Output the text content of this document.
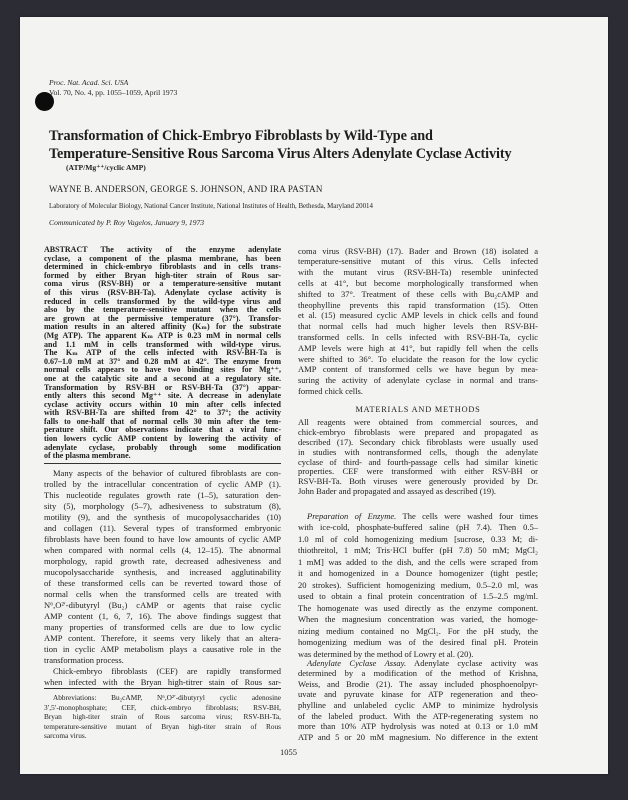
Proc. Nat. Acad. Sci. USA
Vol. 70, No. 4, pp. 1055–1059, April 1973
Transformation of Chick-Embryo Fibroblasts by Wild-Type and
Temperature-Sensitive Rous Sarcoma Virus Alters Adenylate Cyclase Activity
(ATP/Mg⁺⁺/cyclic AMP)
WAYNE B. ANDERSON, GEORGE S. JOHNSON, AND IRA PASTAN
Laboratory of Molecular Biology, National Cancer Institute, National Institutes of Health, Bethesda, Maryland 20014
Communicated by P. Roy Vagelos, January 9, 1973
ABSTRACT The activity of the enzyme adenylate
cyclase, a component of the plasma membrane, has been
determined in chick-embryo fibroblasts and in cells trans-
formed by either Bryan high-titer strain of Rous sar-
coma virus (RSV-BH) or a temperature-sensitive mutant
of this virus (RSV-BH-Ta). Adenylate cyclase activity is
reduced in cells transformed by the wild-type virus and
also by the temperature-sensitive mutant when the cells
are grown at the permissive temperature (37°). Transfor-
mation results in an altered affinity (Kₘ) for the substrate
(Mg ATP). The apparent Kₘ ATP is 0.23 mM in normal cells
and 1.1 mM in cells transformed with wild-type virus.
The Kₘ ATP of the cells infected with RSV-BH-Ta is
0.67–1.0 mM at 37° and 0.28 mM at 42°. The enzyme from
normal cells appears to have two binding sites for Mg⁺⁺,
one at the catalytic site and a second at a regulatory site.
Transformation by RSV-BH or RSV-BH-Ta (37°) appar-
ently alters this second Mg⁺⁺ site. A decrease in adenylate
cyclase activity occurs within 10 min after cells infected
with RSV-BH-Ta are shifted from 42° to 37°; the activity
falls to one-half that of normal cells 30 min after the tem-
perature shift. Our observations indicate that a viral func-
tion lowers cyclic AMP content by lowering the activity of
adenylate cyclase, probably through some modification
of the plasma membrane.
Many aspects of the behavior of cultured fibroblasts are con-
trolled by the intracellular concentration of cyclic AMP (1).
This nucleotide regulates growth rate (1–5), saturation den-
sity (5), morphology (5–7), adhesiveness to substratum (8),
motility (9), and the synthesis of mucopolysaccharides (10)
and collagen (11). Several types of transformed embryonic
fibroblasts have been found to have low amounts of cyclic AMP
when compared with normal cells (4, 12–15). The abnormal
morphology, rapid growth rate, decreased adhesiveness and
mucopolysaccharide synthesis, and increased agglutinability
of these transformed cells can be reverted toward those of
normal cells when the transformed cells are treated with
N⁶,O²′-dibutyryl (Bu₂) cAMP or agents that raise cyclic
AMP content (1, 6, 7, 16). The above findings suggest that
many properties of transformed cells are due to low cyclic
AMP content. Therefore, it seems very likely that an altera-
tion in cyclic AMP metabolism plays a causative role in the
transformation process.
Chick-embryo fibroblasts (CEF) are rapidly transformed
when infected with the Bryan high-titrer stain of Rous sar-
Abbreviations: Bu₂cAMP, N⁶,O²′-dibutyryl cyclic adenosine
3′,5′-monophosphate; CEF, chick-embryo fibroblasts; RSV-BH,
Bryan high-titer strain of Rous sarcoma virus; RSV-BH-Ta,
temperature-sensitive mutant of Bryan high-titer strain of Rous
sarcoma virus.
1055
coma virus (RSV-BH) (17). Bader and Brown (18) isolated a
temperature-sensitive mutant of this virus. Cells infected
with the mutant virus (RSV-BH-Ta) resemble uninfected
cells at 41°, but become morphologically transformed when
shifted to 37°. Treatment of these cells with Bu₂cAMP and
theophylline prevents this rapid transformation (15). Otten
et al. (15) measured cyclic AMP levels in chick cells and found
that normal cells had much higher levels then RSV-BH-
transformed cells. In cells infected with RSV-BH-Ta, cyclic
AMP levels were high at 41°, but rapidly fell when the cells
were shifted to 36°. To elucidate the reason for the low cyclic
AMP content of transformed cells we have begun by mea-
suring the activity of adenylate cyclase in normal and trans-
formed chick cells.
MATERIALS AND METHODS
All reagents were obtained from commercial sources, and
chick-embryo fibroblasts were prepared and propagated as
described (17). Secondary chick fibroblasts were usually used
in studies with nontransformed cells, though the adenylate
cyclase of third- and fourth-passage cells had similar kinetic
properties. CEF were transformed with either RSV-BH or
RSV-BH-Ta. Both viruses were generously provided by Dr.
John Bader and propagated and assayed as described (19).
Preparation of Enzyme. The cells were washed four times
with ice-cold, phosphate-buffered saline (pH 7.4). Then 0.5–
1.0 ml of cold homogenizing medium [sucrose, 0.33 M; di-
thiothreitol, 1 mM; Tris·HCl buffer (pH 7.8) 50 mM; MgCl₂
1 mM] was added to the dish, and the cells were scraped from
it and homogenized in a Dounce homogenizer (tight pestle;
20 strokes). Sufficient homogenizing medium, 0.5–2.0 ml, was
used to obtain a final protein concentration of 1.5–2.5 mg/ml.
The homogenate was used directly as the enzyme component.
When the magnesium concentration was varied, the homoge-
nizing medium contained no MgCl₂. For the pH study, the
homogenizing medium was of the desired final pH. Protein
was determined by the method of Lowry et al. (20).
Adenylate Cyclase Assay. Adenylate cyclase activity was
determined by a modification of the method of Krishna,
Weiss, and Brodie (21). The assay included phosphoenolpyr-
uvate and pyruvate kinase for ATP regeneration and theo-
phylline and unlabeled cyclic AMP to minimize hydrolysis
of the labeled product. With the ATP-regenerating system no
more than 10% ATP hydrolysis was noted at 0.13 or 1.0 mM
ATP and 5 or 20 mM magnesium. No difference in the extent
